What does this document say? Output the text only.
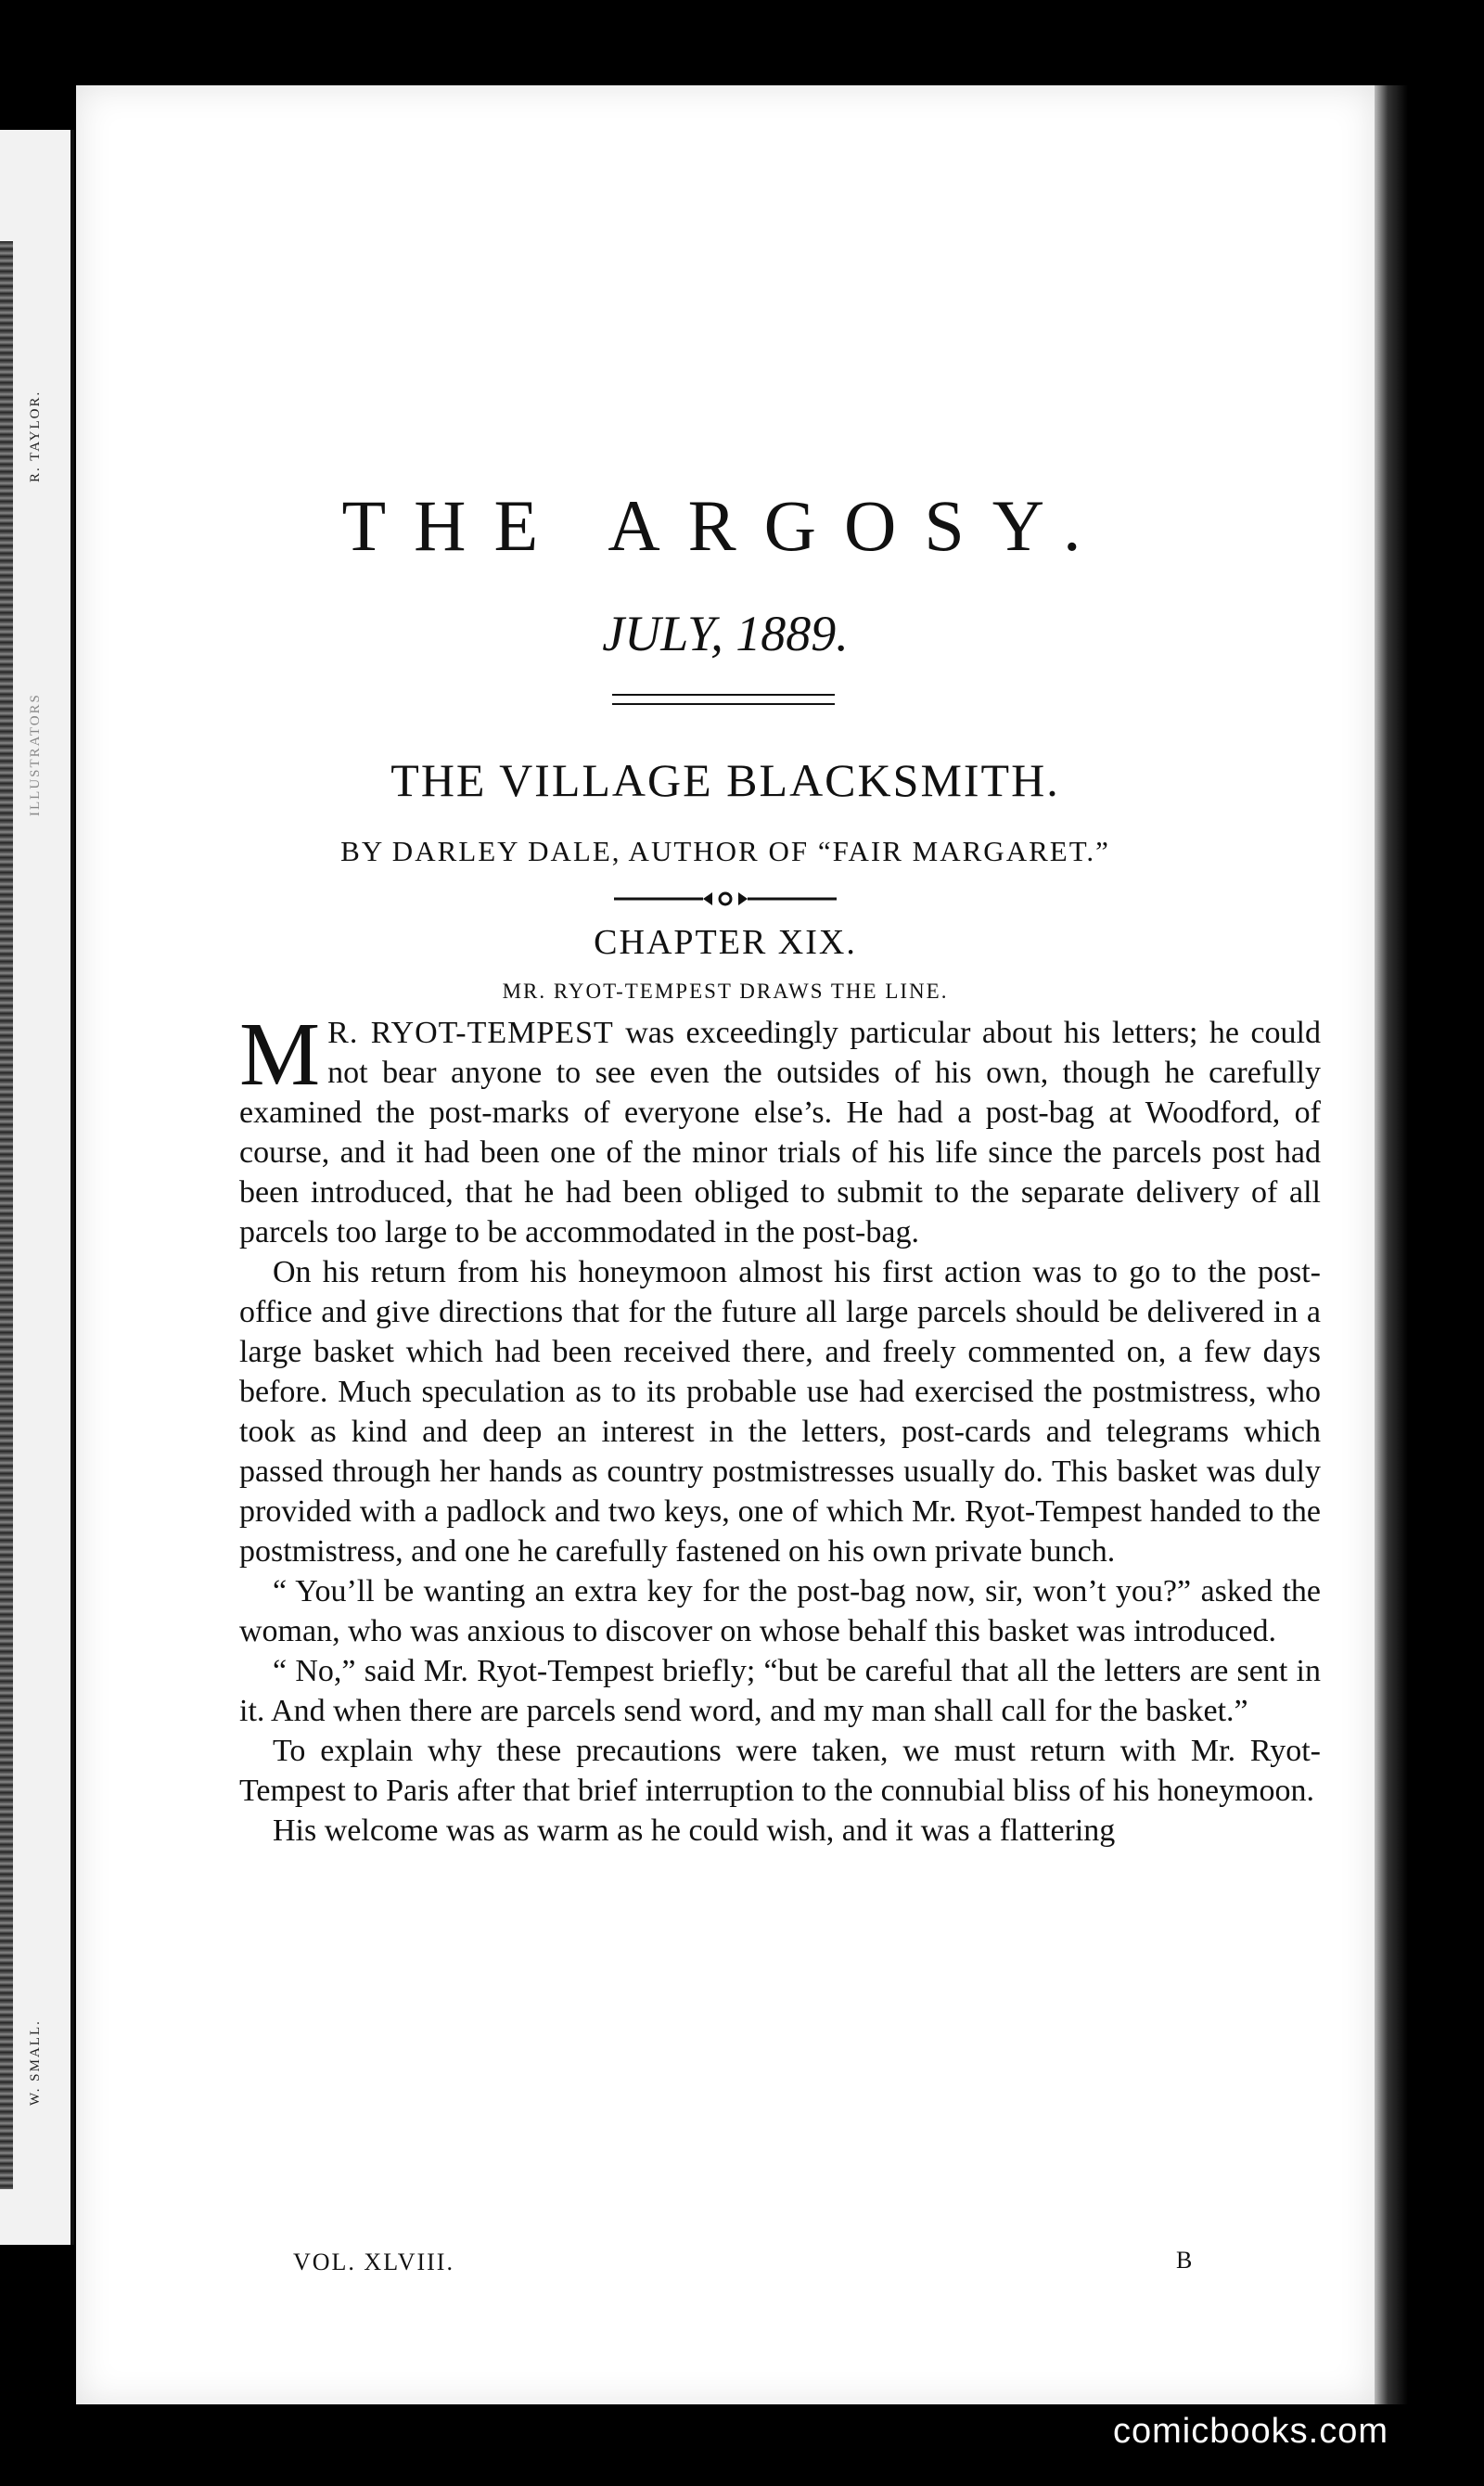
R. TAYLOR.
ILLUSTRATORS
W. SMALL.
THE ARGOSY.
JULY, 1889.
THE VILLAGE BLACKSMITH.
BY DARLEY DALE, AUTHOR OF “FAIR MARGARET.”
CHAPTER XIX.
MR. RYOT-TEMPEST DRAWS THE LINE.

M R. RYOT-TEMPEST was exceedingly particular about his letters; he could not bear anyone to see even the outsides of his own, though he carefully examined the post-marks of everyone else’s. He had a post-bag at Woodford, of course, and it had been one of the minor trials of his life since the parcels post had been introduced, that he had been obliged to submit to the separate delivery of all parcels too large to be accommodated in the post-bag.

On his return from his honeymoon almost his first action was to go to the post-office and give directions that for the future all large parcels should be delivered in a large basket which had been received there, and freely commented on, a few days before. Much speculation as to its probable use had exercised the postmistress, who took as kind and deep an interest in the letters, post-cards and telegrams which passed through her hands as country postmistresses usually do. This basket was duly provided with a padlock and two keys, one of which Mr. Ryot-Tempest handed to the postmistress, and one he carefully fastened on his own private bunch.

“ You’ll be wanting an extra key for the post-bag now, sir, won’t you?” asked the woman, who was anxious to discover on whose behalf this basket was introduced.

“ No,” said Mr. Ryot-Tempest briefly; “but be careful that all the letters are sent in it. And when there are parcels send word, and my man shall call for the basket.”

To explain why these precautions were taken, we must return with Mr. Ryot-Tempest to Paris after that brief interruption to the connubial bliss of his honeymoon.

His welcome was as warm as he could wish, and it was a flattering

VOL. XLVIII.	B
comicbooks.com
